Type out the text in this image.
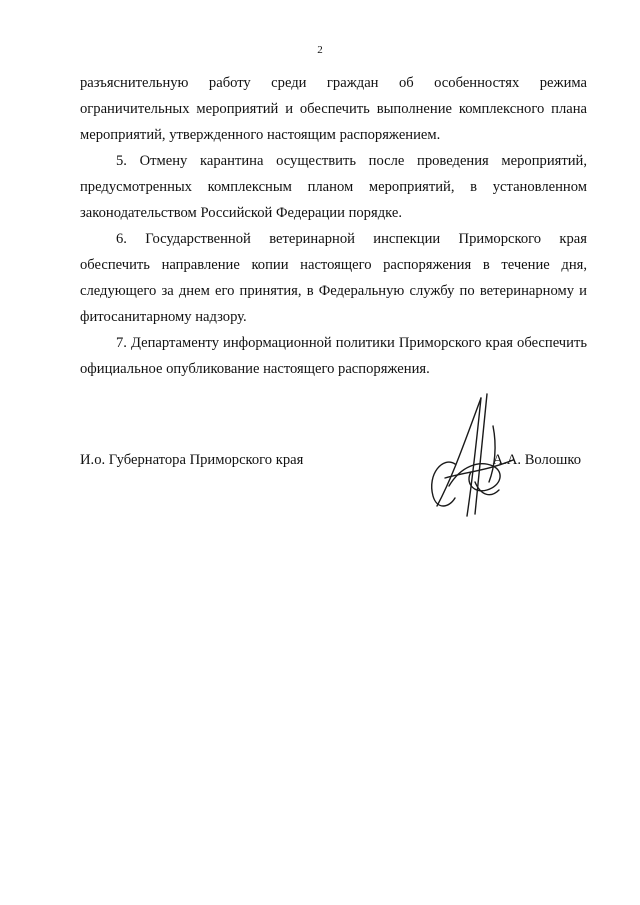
2

разъяснительную работу среди граждан об особенностях режима ограничительных мероприятий и обеспечить выполнение комплексного плана мероприятий, утвержденного настоящим распоряжением.

5. Отмену карантина осуществить после проведения мероприятий, предусмотренных комплексным планом мероприятий, в установленном законодательством Российской Федерации порядке.

6. Государственной ветеринарной инспекции Приморского края обеспечить направление копии настоящего распоряжения в течение дня, следующего за днем его принятия, в Федеральную службу по ветеринарному и фитосанитарному надзору.

7. Департаменту информационной политики Приморского края обеспечить официальное опубликование настоящего распоряжения.

И.о. Губернатора Приморского края	А.А. Волошко
